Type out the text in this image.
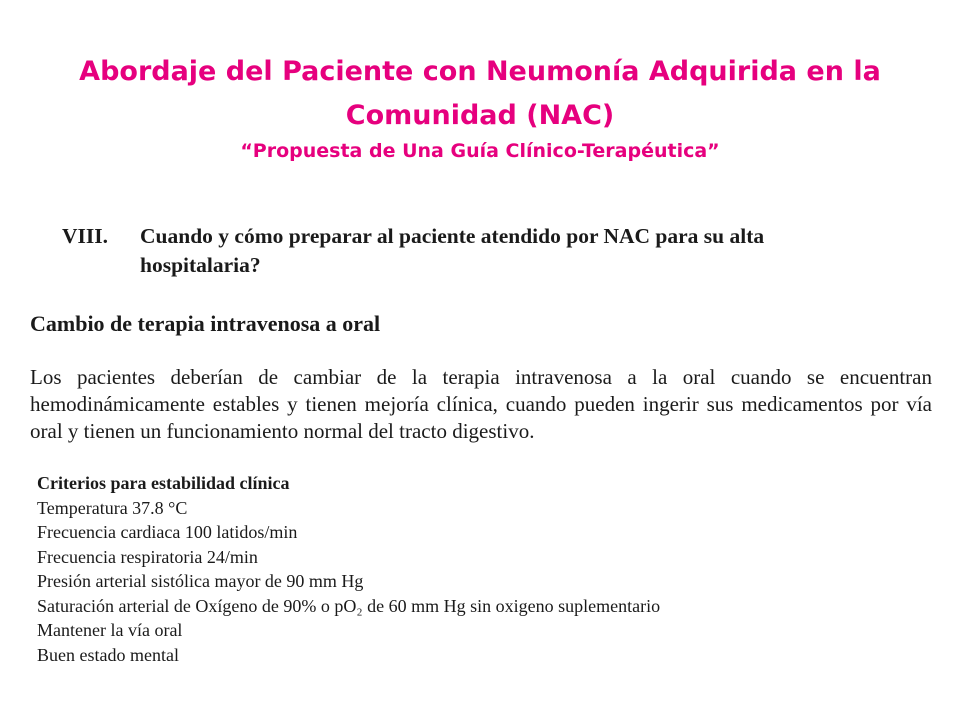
Abordaje del Paciente con Neumonía Adquirida en la

Comunidad (NAC)

“Propuesta de Una Guía Clínico-Terapéutica”

VIII.	Cuando y cómo preparar al paciente atendido por NAC para su alta hospitalaria?
Cambio de terapia intravenosa a oral
Los pacientes deberían de cambiar de la terapia intravenosa a la oral cuando se encuentran hemodinámicamente estables y tienen mejoría clínica, cuando pueden ingerir sus medicamentos por vía oral y tienen un funcionamiento normal del tracto digestivo.
Criterios para estabilidad clínica
Temperatura 37.8 °C
Frecuencia cardiaca 100 latidos/min
Frecuencia respiratoria 24/min
Presión arterial sistólica mayor de 90 mm Hg
Saturación arterial de Oxígeno de 90% o pO₂ de 60 mm Hg sin oxigeno suplementario
Mantener la vía oral
Buen estado mental
